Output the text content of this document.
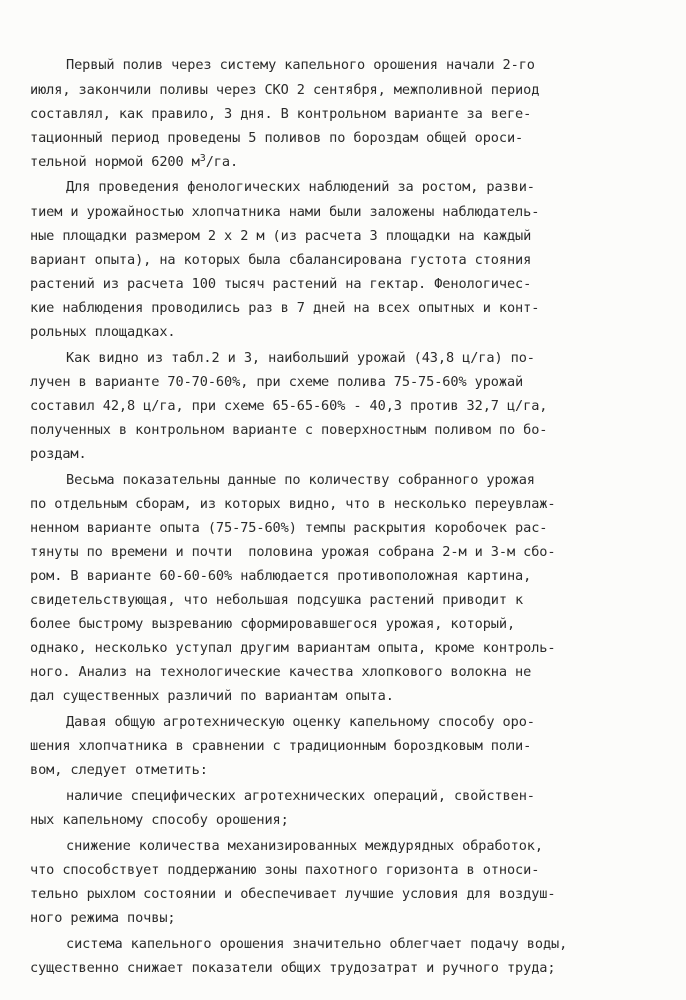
Первый полив через систему капельного орошения начали 2-го
июля, закончили поливы через СКО 2 сентября, межполивной период
составлял, как правило, 3 дня. В контрольном варианте за веге-
тационный период проведены 5 поливов по бороздам общей ороси-
тельной нормой 6200 $м^3/га$.
Для проведения фенологических наблюдений за ростом, разви-
тием и урожайностью хлопчатника нами были заложены наблюдатель-
ные площадки размером 2 х 2 м (из расчета 3 площадки на каждый
вариант опыта), на которых была сбалансирована густота стояния
растений из расчета 100 тысяч растений на гектар. Фенологичес-
кие наблюдения проводились раз в 7 дней на всех опытных и конт-
рольных площадках.
Как видно из табл.2 и 3, наибольший урожай (43,8 ц/га) по-
лучен в варианте 70-70-60%, при схеме полива 75-75-60% урожай
составил 42,8 ц/га, при схеме 65-65-60% - 40,3 против 32,7 ц/га,
полученных в контрольном варианте с поверхностным поливом по бо-
роздам.
Весьма показательны данные по количеству собранного урожая
по отдельным сборам, из которых видно, что в несколько переувлаж-
ненном варианте опыта (75-75-60%) темпы раскрытия коробочек рас-
тянуты по времени и почти  половина урожая собрана 2-м и 3-м сбо-
ром. В варианте 60-60-60% наблюдается противоположная картина,
свидетельствующая, что небольшая подсушка растений приводит к
более быстрому вызреванию сформировавшегося урожая, который,
однако, несколько уступал другим вариантам опыта, кроме контроль-
ного. Анализ на технологические качества хлопкового волокна не
дал существенных различий по вариантам опыта.
Давая общую агротехническую оценку капельному способу оро-
шения хлопчатника в сравнении с традиционным бороздковым поли-
вом, следует отметить:
наличие специфических агротехнических операций, свойствен-
ных капельному способу орошения;
снижение количества механизированных междурядных обработок,
что способствует поддержанию зоны пахотного горизонта в относи-
тельно рыхлом состоянии и обеспечивает лучшие условия для воздуш-
ного режима почвы;
система капельного орошения значительно облегчает подачу воды,
существенно снижает показатели общих трудозатрат и ручного труда;
